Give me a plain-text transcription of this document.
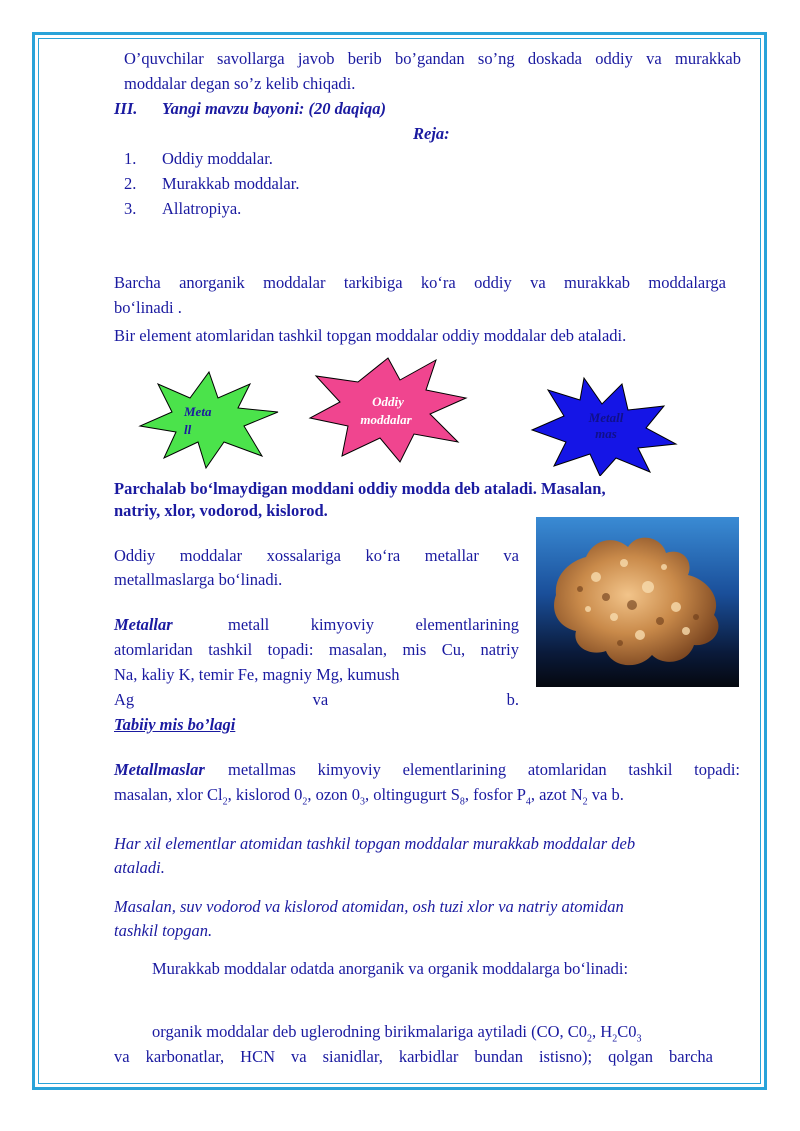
O’quvchilar savollarga javob berib bo’gandan so’ng doskada oddiy va murakkab
moddalar degan so’z kelib chiqadi.
III. Yangi mavzu bayoni: (20 daqiqa)
Reja:
1. Oddiy moddalar.
2. Murakkab moddalar.
3. Allatropiya.
Barcha anorganik moddalar tarkibiga ko‘ra oddiy va murakkab moddalarga
bo‘linadi .
Bir element atomlaridan tashkil topgan moddalar oddiy moddalar deb ataladi.
Meta
ll
Oddiy
moddalar	Metall
mas
Parchalab bo‘lmaydigan moddani oddiy modda deb ataladi. Masalan,
natriy, xlor, vodorod, kislorod.
Oddiy moddalar xossalariga ko‘ra metallar va
metallmaslarga bo‘linadi.
Metallar	metall kimyoviy elementlarining
atomlaridan tashkil topadi: masalan, mis Cu, natriy
Na, kaliy K, temir Fe, magniy Mg, kumush
Ag va b.
Tabiiy mis bo’lagi
Metallmaslar metallmas kimyoviy elementlarining atomlaridan tashkil topadi:
masalan, xlor $Cl_2$, kislorod $0_2$, ozon $0_3$, oltingugurt $S_8$, fosfor $P_4$, azot $N_2$ va b.
Har xil elementlar atomidan tashkil topgan moddalar murakkab moddalar deb
ataladi.
Masalan, suv vodorod va kislorod atomidan, osh tuzi xlor va natriy atomidan
tashkil topgan.
Murakkab moddalar odatda anorganik va organik moddalarga bo‘linadi:
organik moddalar deb uglerodning birikmalariga aytiladi (CO, $C0_2$, $H_2C0_3$
va karbonatlar, HCN va sianidlar, karbidlar bundan istisno); qolgan barcha
